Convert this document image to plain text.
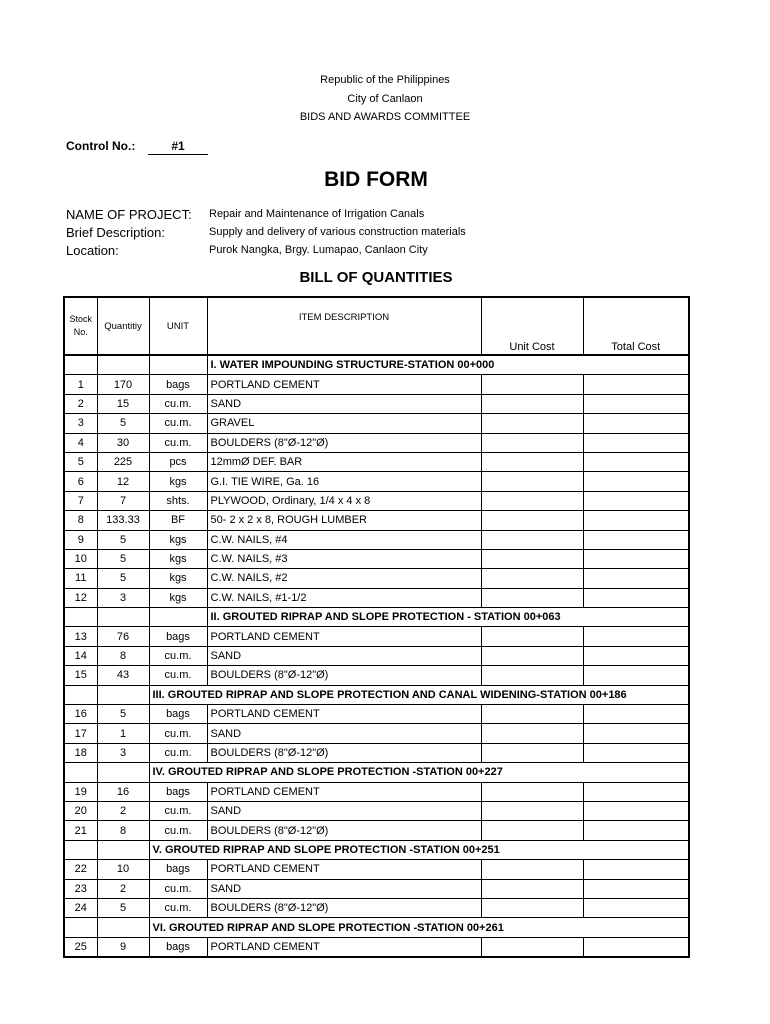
Republic of the Philippines
City of Canlaon
BIDS AND AWARDS COMMITTEE
Control No.:	#1
BID FORM
NAME OF PROJECT: Repair and Maintenance of Irrigation Canals
Brief Description:	Supply and delivery of various construction materials
Location:	Purok Nangka, Brgy. Lumapao, Canlaon City
BILL OF QUANTITIES
Stock No.	Quantitiy	UNIT	ITEM DESCRIPTION	Unit Cost	Total Cost
			I. WATER IMPOUNDING STRUCTURE-STATION 00+000		
1	170	bags	PORTLAND CEMENT		
2	15	cu.m.	SAND		
3	5	cu.m.	GRAVEL		
4	30	cu.m.	BOULDERS (8"Ø-12"Ø)		
5	225	pcs	12mmØ DEF. BAR		
6	12	kgs	G.I. TIE WIRE, Ga. 16		
7	7	shts.	PLYWOOD, Ordinary, 1/4 x 4 x 8		
8	133.33	BF	50- 2 x 2 x 8, ROUGH LUMBER		
9	5	kgs	C.W. NAILS, #4		
10	5	kgs	C.W. NAILS, #3		
11	5	kgs	C.W. NAILS, #2		
12	3	kgs	C.W. NAILS, #1-1/2		
			II. GROUTED RIPRAP AND SLOPE PROTECTION - STATION 00+063		
13	76	bags	PORTLAND CEMENT		
14	8	cu.m.	SAND		
15	43	cu.m.	BOULDERS (8"Ø-12"Ø)		
		III. GROUTED RIPRAP AND SLOPE PROTECTION AND CANAL WIDENING-STATION 00+186			
16	5	bags	PORTLAND CEMENT		
17	1	cu.m.	SAND		
18	3	cu.m.	BOULDERS (8"Ø-12"Ø)		
		IV. GROUTED RIPRAP AND SLOPE PROTECTION -STATION 00+227			
19	16	bags	PORTLAND CEMENT		
20	2	cu.m.	SAND		
21	8	cu.m.	BOULDERS (8"Ø-12"Ø)		
		V. GROUTED RIPRAP AND SLOPE PROTECTION -STATION 00+251			
22	10	bags	PORTLAND CEMENT		
23	2	cu.m.	SAND		
24	5	cu.m.	BOULDERS (8"Ø-12"Ø)		
		VI. GROUTED RIPRAP AND SLOPE PROTECTION -STATION 00+261			
25	9	bags	PORTLAND CEMENT		
